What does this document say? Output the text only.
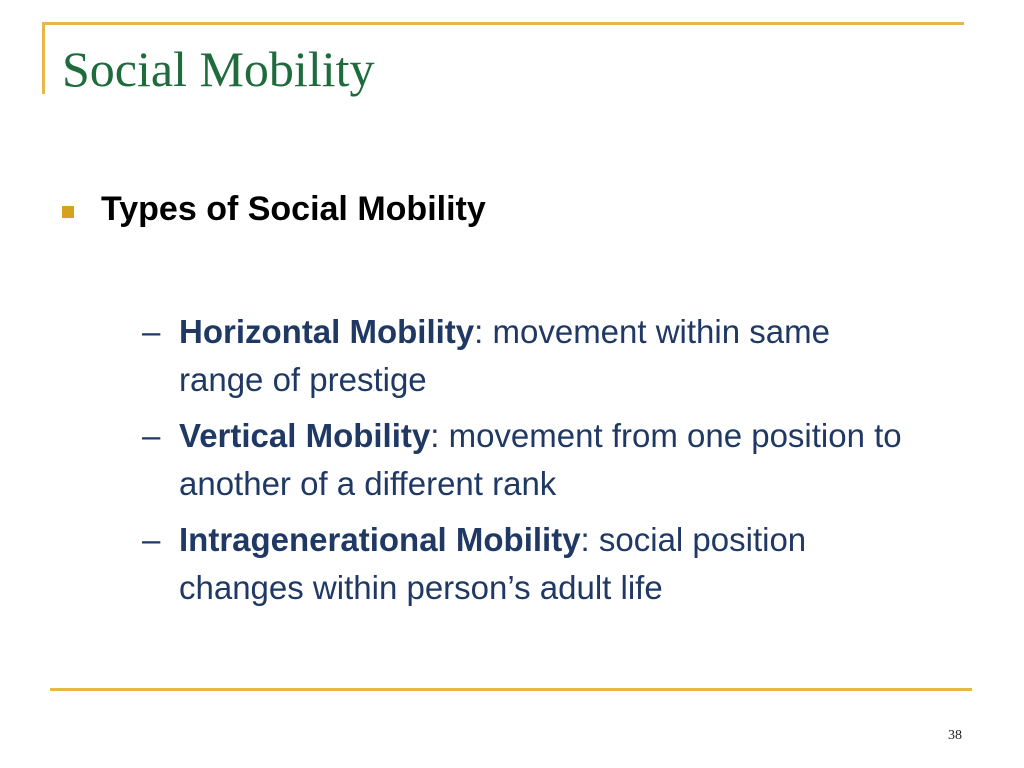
Social Mobility
Types of Social Mobility
– Horizontal Mobility: movement within same range of prestige
– Vertical Mobility: movement from one position to another of a different rank
– Intragenerational Mobility: social position changes within person’s adult life
38
